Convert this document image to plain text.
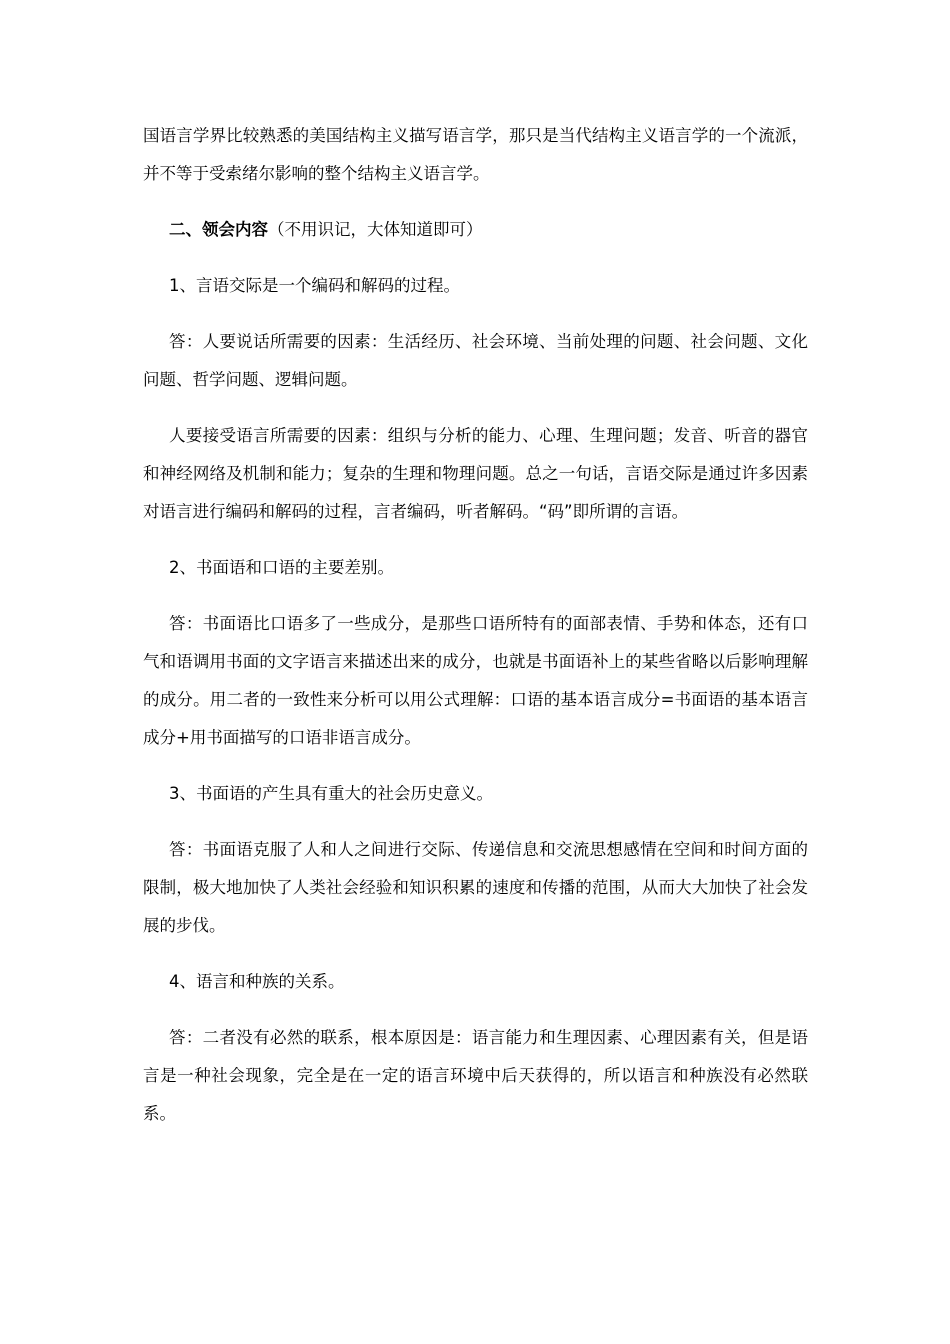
国语言学界比较熟悉的美国结构主义描写语言学，那只是当代结构主义语言学的一个流派，并不等于受索绪尔影响的整个结构主义语言学。

二、领会内容（不用识记，大体知道即可）

1、言语交际是一个编码和解码的过程。

答：人要说话所需要的因素：生活经历、社会环境、当前处理的问题、社会问题、文化问题、哲学问题、逻辑问题。

人要接受语言所需要的因素：组织与分析的能力、心理、生理问题；发音、听音的器官和神经网络及机制和能力；复杂的生理和物理问题。总之一句话，言语交际是通过许多因素对语言进行编码和解码的过程，言者编码，听者解码。“码”即所谓的言语。

2、书面语和口语的主要差别。

答：书面语比口语多了一些成分，是那些口语所特有的面部表情、手势和体态，还有口气和语调用书面的文字语言来描述出来的成分，也就是书面语补上的某些省略以后影响理解的成分。用二者的一致性来分析可以用公式理解：口语的基本语言成分=书面语的基本语言成分+用书面描写的口语非语言成分。

3、书面语的产生具有重大的社会历史意义。

答：书面语克服了人和人之间进行交际、传递信息和交流思想感情在空间和时间方面的限制，极大地加快了人类社会经验和知识积累的速度和传播的范围，从而大大加快了社会发展的步伐。

4、语言和种族的关系。

答：二者没有必然的联系，根本原因是：语言能力和生理因素、心理因素有关，但是语言是一种社会现象，完全是在一定的语言环境中后天获得的，所以语言和种族没有必然联系。
